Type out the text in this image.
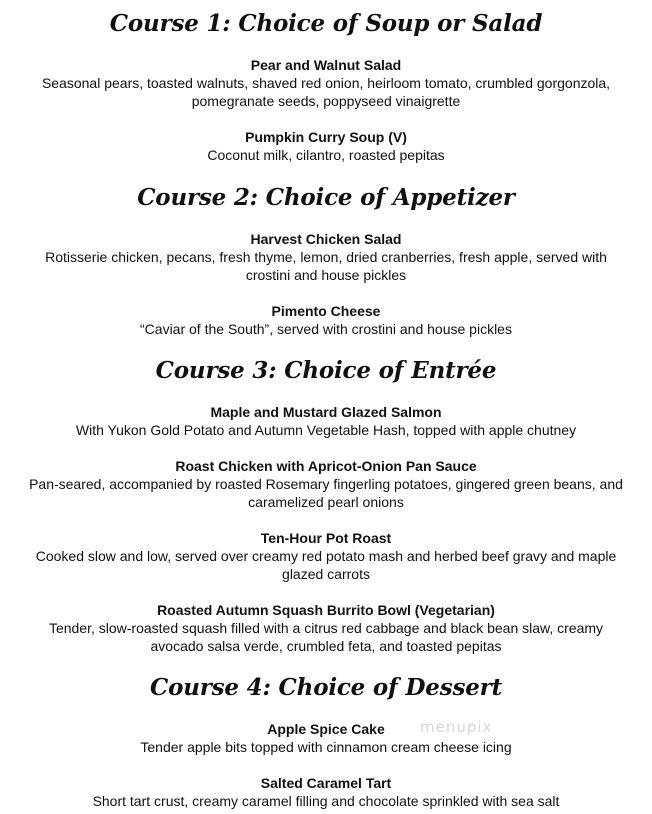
Course 1: Choice of Soup or Salad

Pear and Walnut Salad

Seasonal pears, toasted walnuts, shaved red onion, heirloom tomato, crumbled gorgonzola, pomegranate seeds, poppyseed vinaigrette

Pumpkin Curry Soup (V)

Coconut milk, cilantro, roasted pepitas

Course 2: Choice of Appetizer

Harvest Chicken Salad

Rotisserie chicken, pecans, fresh thyme, lemon, dried cranberries, fresh apple, served with crostini and house pickles

Pimento Cheese

“Caviar of the South”, served with crostini and house pickles

Course 3: Choice of Entrée

Maple and Mustard Glazed Salmon

With Yukon Gold Potato and Autumn Vegetable Hash, topped with apple chutney

Roast Chicken with Apricot-Onion Pan Sauce

Pan-seared, accompanied by roasted Rosemary fingerling potatoes, gingered green beans, and caramelized pearl onions

Ten-Hour Pot Roast

Cooked slow and low, served over creamy red potato mash and herbed beef gravy and maple glazed carrots

Roasted Autumn Squash Burrito Bowl (Vegetarian)

Tender, slow-roasted squash filled with a citrus red cabbage and black bean slaw, creamy avocado salsa verde, crumbled feta, and toasted pepitas

Course 4: Choice of Dessert

Apple Spice Cake

Tender apple bits topped with cinnamon cream cheese icing

Salted Caramel Tart

Short tart crust, creamy caramel filling and chocolate sprinkled with sea salt

menupix
